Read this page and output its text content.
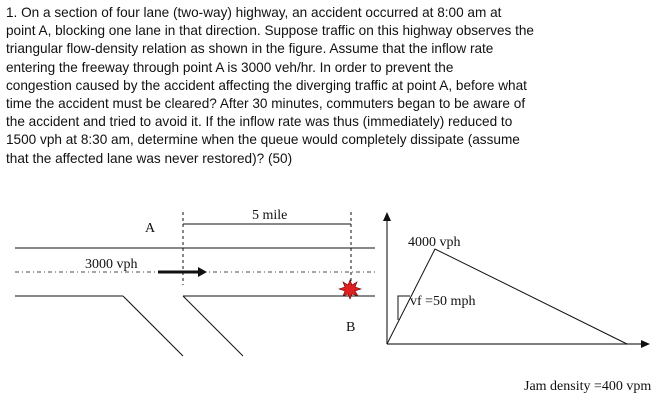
1. On a section of four lane (two-way) highway, an accident occurred at 8:00 am at
point A, blocking one lane in that direction. Suppose traffic on this highway observes the
triangular flow-density relation as shown in the figure. Assume that the inflow rate
entering the freeway through point A is 3000 veh/hr. In order to prevent the
congestion caused by the accident affecting the diverging traffic at point A, before what
time the accident must be cleared? After 30 minutes, commuters began to be aware of
the accident and tried to avoid it. If the inflow rate was thus (immediately) reduced to
1500 vph at 8:30 am, determine when the queue would completely dissipate (assume
that the affected lane was never restored)? (50)
A
B
5 mile
3000 vph
4000 vph
vf =50 mph
Jam density =400 vpm
